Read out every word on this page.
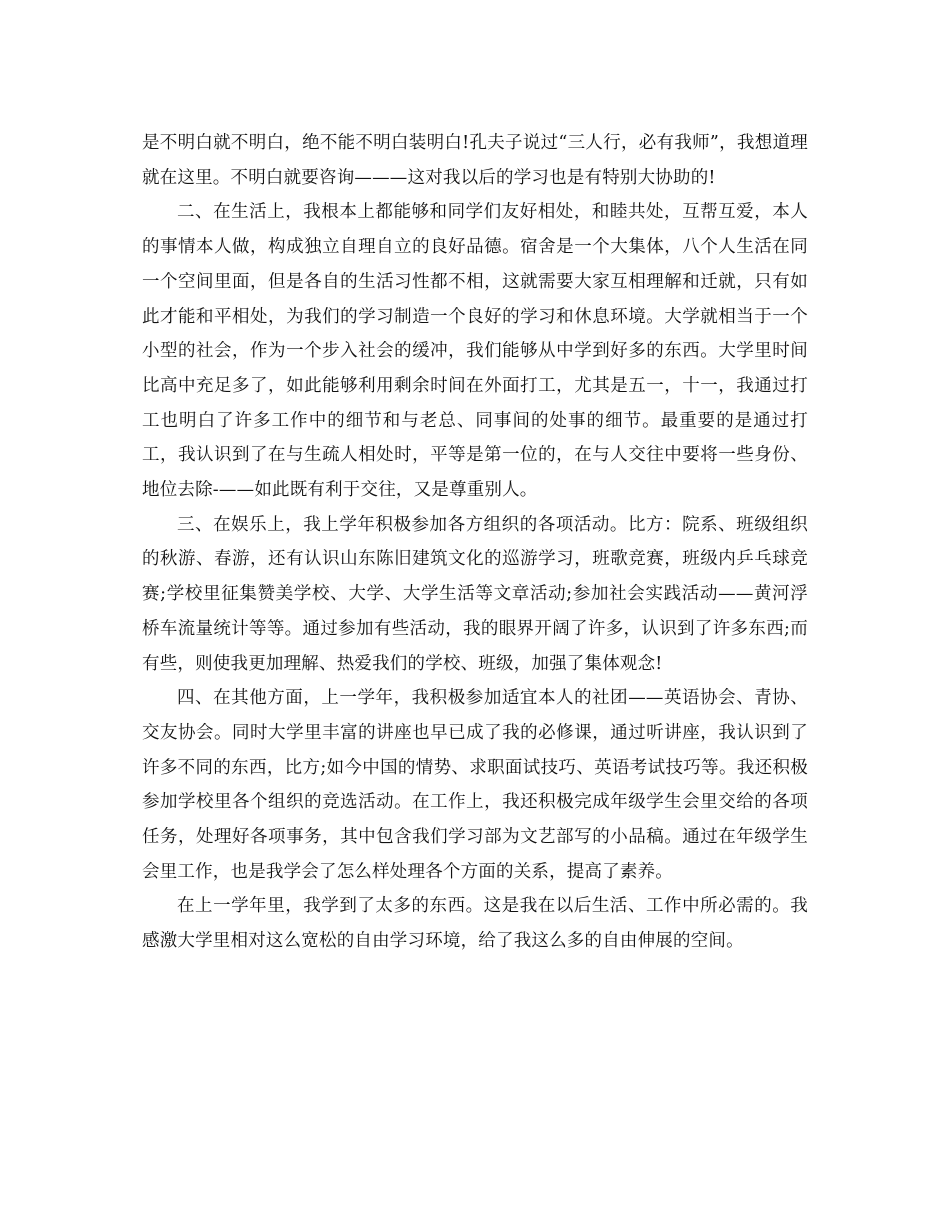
是不明白就不明白，绝不能不明白装明白!孔夫子说过“三人行，必有我师”，我想道理就在这里。不明白就要咨询———这对我以后的学习也是有特别大协助的!

二、在生活上，我根本上都能够和同学们友好相处，和睦共处，互帮互爱，本人的事情本人做，构成独立自理自立的良好品德。宿舍是一个大集体，八个人生活在同一个空间里面，但是各自的生活习性都不相，这就需要大家互相理解和迁就，只有如此才能和平相处，为我们的学习制造一个良好的学习和休息环境。大学就相当于一个小型的社会，作为一个步入社会的缓冲，我们能够从中学到好多的东西。大学里时间比高中充足多了，如此能够利用剩余时间在外面打工，尤其是五一，十一，我通过打工也明白了许多工作中的细节和与老总、同事间的处事的细节。最重要的是通过打工，我认识到了在与生疏人相处时，平等是第一位的，在与人交往中要将一些身份、地位去除-——如此既有利于交往，又是尊重别人。

三、在娱乐上，我上学年积极参加各方组织的各项活动。比方：院系、班级组织的秋游、春游，还有认识山东陈旧建筑文化的巡游学习，班歌竞赛，班级内乒乓球竞赛;学校里征集赞美学校、大学、大学生活等文章活动;参加社会实践活动——黄河浮桥车流量统计等等。通过参加有些活动，我的眼界开阔了许多，认识到了许多东西;而有些，则使我更加理解、热爱我们的学校、班级，加强了集体观念!

四、在其他方面，上一学年，我积极参加适宜本人的社团——英语协会、青协、交友协会。同时大学里丰富的讲座也早已成了我的必修课，通过听讲座，我认识到了许多不同的东西，比方;如今中国的情势、求职面试技巧、英语考试技巧等。我还积极参加学校里各个组织的竞选活动。在工作上，我还积极完成年级学生会里交给的各项任务，处理好各项事务，其中包含我们学习部为文艺部写的小品稿。通过在年级学生会里工作，也是我学会了怎么样处理各个方面的关系，提高了素养。

在上一学年里，我学到了太多的东西。这是我在以后生活、工作中所必需的。我感激大学里相对这么宽松的自由学习环境，给了我这么多的自由伸展的空间。
